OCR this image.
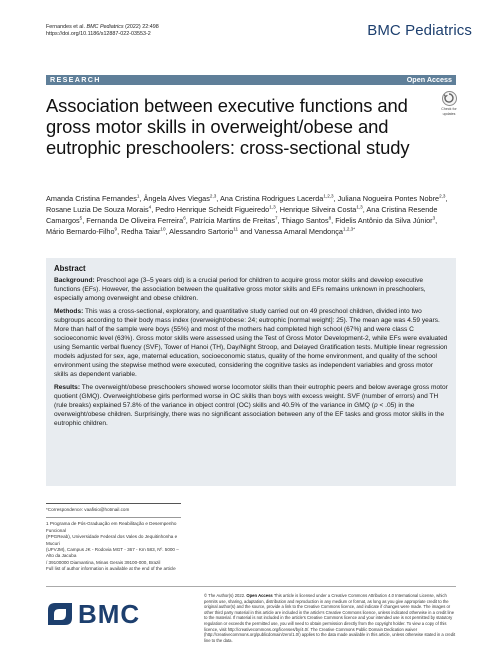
Fernandes et al. BMC Pediatrics (2022) 22:498
https://doi.org/10.1186/s12887-022-03553-2	BMC Pediatrics
RESEARCH	Open Access
Check for
updates
Association between executive functions and gross motor skills in overweight/obese and eutrophic preschoolers: cross-sectional study

Amanda Cristina Fernandes$^1$, Ângela Alves Viegas$^{2,3}$, Ana Cristina Rodrigues Lacerda$^{1,2,3}$, Juliana Nogueira Pontes Nobre$^{2,3}$, Rosane Luzia De Souza Morais$^4$, Pedro Henrique Scheidt Figueiredo$^{1,3}$, Henrique Silveira Costa$^{1,3}$, Ana Cristina Resende Camargos$^5$, Fernanda De Oliveira Ferreira$^6$, Patrícia Martins de Freitas$^7$, Thiago Santos$^8$, Fidelis Antônio da Silva Júnior$^3$, Mário Bernardo-Filho$^9$, Redha Taiar$^{10}$, Alessandro Sartorio$^{11}$ and Vanessa Amaral Mendonça$^{1,2,3*}$

Abstract

Background: Preschool age (3–5 years old) is a crucial period for children to acquire gross motor skills and develop executive functions (EFs). However, the association between the qualitative gross motor skills and EFs remains unknown in preschoolers, especially among overweight and obese children.

Methods: This was a cross-sectional, exploratory, and quantitative study carried out on 49 preschool children, divided into two subgroups according to their body mass index (overweight/obese: 24; eutrophic [normal weight]: 25). The mean age was 4.59 years. More than half of the sample were boys (55%) and most of the mothers had completed high school (67%) and were class C socioeconomic level (63%). Gross motor skills were assessed using the Test of Gross Motor Development-2, while EFs were evaluated using Semantic verbal fluency (SVF), Tower of Hanoi (TH), Day/Night Stroop, and Delayed Gratification tests. Multiple linear regression models adjusted for sex, age, maternal education, socioeconomic status, quality of the home environment, and quality of the school environment using the stepwise method were executed, considering the cognitive tasks as independent variables and gross motor skills as dependent variable.

Results: The overweight/obese preschoolers showed worse locomotor skills than their eutrophic peers and below average gross motor quotient (GMQ). Overweight/obese girls performed worse in OC skills than boys with excess weight. SVF (number of errors) and TH (rule breaks) explained 57.8% of the variance in object control (OC) skills and 40.5% of the variance in GMQ (p < .05) in the overweight/obese children. Surprisingly, there was no significant association between any of the EF tasks and gross motor skills in the eutrophic children.

*Correspondence: vaafisio@hotmail.com
1 Programa de Pós-Graduação em Reabilitação e Desempenho Funcional
(PPGReab), Universidade Federal dos Vales do Jequitinhonha e Mucuri
(UFVJM), Campus JK - Rodovia MGT - 367 - Km 583, Nº. 5000 – Alto da Jacuba
/ 39100000 Diamantina, Minas Gerais 39100-000, Brazil
Full list of author information is available at the end of the article
BMC
© The Author(s) 2022. Open Access This article is licensed under a Creative Commons Attribution 4.0 International License, which permits use, sharing, adaptation, distribution and reproduction in any medium or format, as long as you give appropriate credit to the original author(s) and the source, provide a link to the Creative Commons licence, and indicate if changes were made. The images or other third party material in this article are included in the article's Creative Commons licence, unless indicated otherwise in a credit line to the material. If material is not included in the article's Creative Commons licence and your intended use is not permitted by statutory regulation or exceeds the permitted use, you will need to obtain permission directly from the copyright holder. To view a copy of this licence, visit http://creativecommons.org/licenses/by/4.0/. The Creative Commons Public Domain Dedication waiver (http://creativecommons.org/publicdomain/zero/1.0/) applies to the data made available in this article, unless otherwise stated in a credit line to the data.
